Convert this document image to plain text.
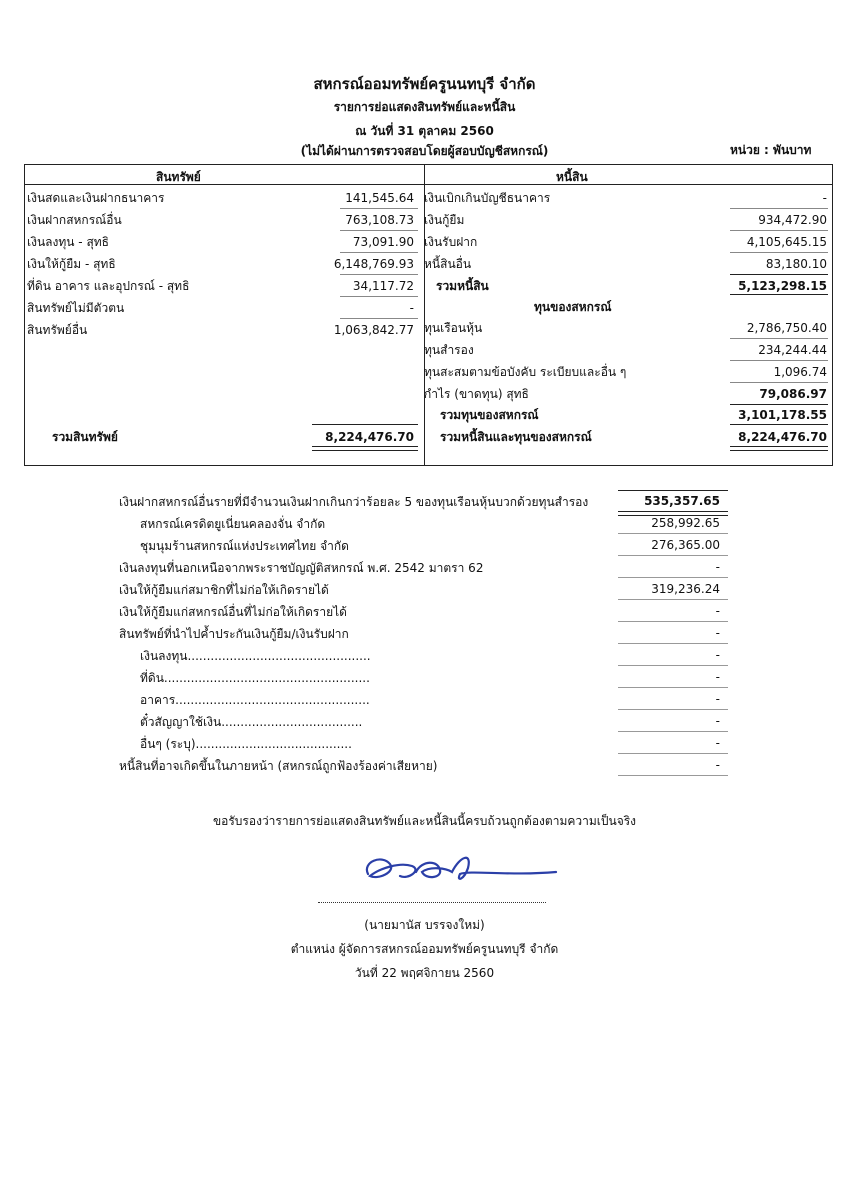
สหกรณ์ออมทรัพย์ครูนนทบุรี จำกัด
รายการย่อแสดงสินทรัพย์และหนี้สิน
ณ วันที่ 31 ตุลาคม 2560
(ไม่ได้ผ่านการตรวจสอบโดยผู้สอบบัญชีสหกรณ์)	หน่วย : พันบาท
สินทรัพย์	หนี้สิน
เงินสดและเงินฝากธนาคาร	141,545.64
เงินฝากสหกรณ์อื่น	763,108.73
เงินลงทุน - สุทธิ	73,091.90
เงินให้กู้ยืม - สุทธิ	6,148,769.93
ที่ดิน อาคาร และอุปกรณ์ - สุทธิ	34,117.72
สินทรัพย์ไม่มีตัวตน	-
สินทรัพย์อื่น	1,063,842.77
รวมสินทรัพย์	8,224,476.70
เงินเบิกเกินบัญชีธนาคาร	-
เงินกู้ยืม	934,472.90
เงินรับฝาก	4,105,645.15
หนี้สินอื่น	83,180.10
รวมหนี้สิน	5,123,298.15
ทุนของสหกรณ์
ทุนเรือนหุ้น	2,786,750.40
ทุนสำรอง	234,244.44
ทุนสะสมตามข้อบังคับ ระเบียบและอื่น ๆ	1,096.74
กำไร (ขาดทุน) สุทธิ	79,086.97
รวมทุนของสหกรณ์	3,101,178.55
รวมหนี้สินและทุนของสหกรณ์	8,224,476.70
เงินฝากสหกรณ์อื่นรายที่มีจำนวนเงินฝากเกินกว่าร้อยละ 5 ของทุนเรือนหุ้นบวกด้วยทุนสำรอง	535,357.65
สหกรณ์เครดิตยูเนี่ยนคลองจั่น จำกัด	258,992.65
ชุมนุมร้านสหกรณ์แห่งประเทศไทย จำกัด	276,365.00
เงินลงทุนที่นอกเหนือจากพระราชบัญญัติสหกรณ์ พ.ศ. 2542 มาตรา 62	-
เงินให้กู้ยืมแก่สมาชิกที่ไม่ก่อให้เกิดรายได้	319,236.24
เงินให้กู้ยืมแก่สหกรณ์อื่นที่ไม่ก่อให้เกิดรายได้	-
สินทรัพย์ที่นำไปค้ำประกันเงินกู้ยืม/เงินรับฝาก	-
เงินลงทุน................................................	-
ที่ดิน......................................................	-
อาคาร...................................................	-
ตั๋วสัญญาใช้เงิน.....................................	-
อื่นๆ (ระบุ).........................................	-
หนี้สินที่อาจเกิดขึ้นในภายหน้า (สหกรณ์ถูกฟ้องร้องค่าเสียหาย)	-
ขอรับรองว่ารายการย่อแสดงสินทรัพย์และหนี้สินนี้ครบถ้วนถูกต้องตามความเป็นจริง
(นายมานัส บรรจงใหม่)
ตำแหน่ง ผู้จัดการสหกรณ์ออมทรัพย์ครูนนทบุรี จำกัด
วันที่ 22 พฤศจิกายน 2560
